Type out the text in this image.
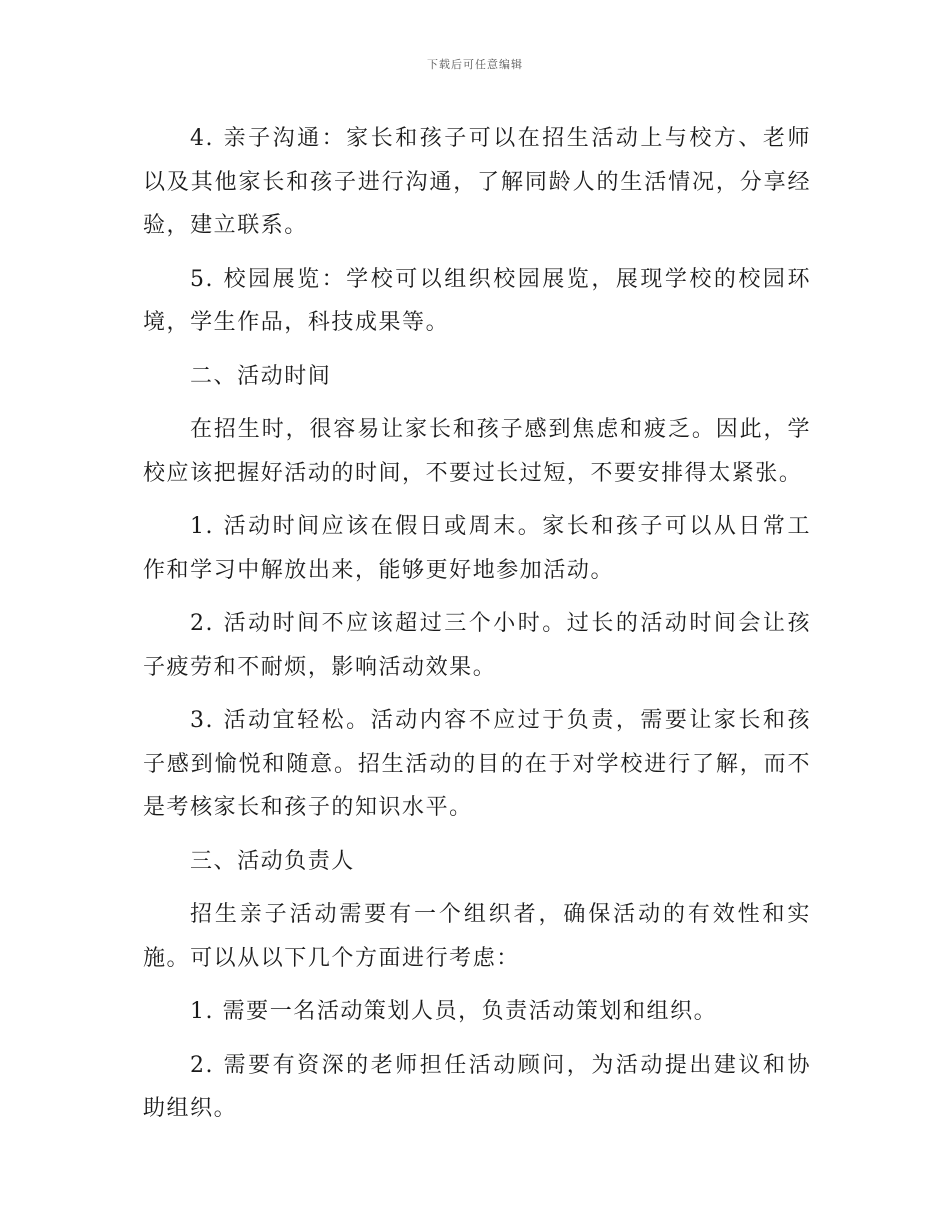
下载后可任意编辑

4. 亲子沟通：家长和孩子可以在招生活动上与校方、老师以及其他家长和孩子进行沟通，了解同龄人的生活情况，分享经验，建立联系。

5. 校园展览：学校可以组织校园展览，展现学校的校园环境，学生作品，科技成果等。

二、活动时间

在招生时，很容易让家长和孩子感到焦虑和疲乏。因此，学校应该把握好活动的时间，不要过长过短，不要安排得太紧张。

1. 活动时间应该在假日或周末。家长和孩子可以从日常工作和学习中解放出来，能够更好地参加活动。

2. 活动时间不应该超过三个小时。过长的活动时间会让孩子疲劳和不耐烦，影响活动效果。

3. 活动宜轻松。活动内容不应过于负责，需要让家长和孩子感到愉悦和随意。招生活动的目的在于对学校进行了解，而不是考核家长和孩子的知识水平。

三、活动负责人

招生亲子活动需要有一个组织者，确保活动的有效性和实施。可以从以下几个方面进行考虑：

1. 需要一名活动策划人员，负责活动策划和组织。

2. 需要有资深的老师担任活动顾问，为活动提出建议和协助组织。
